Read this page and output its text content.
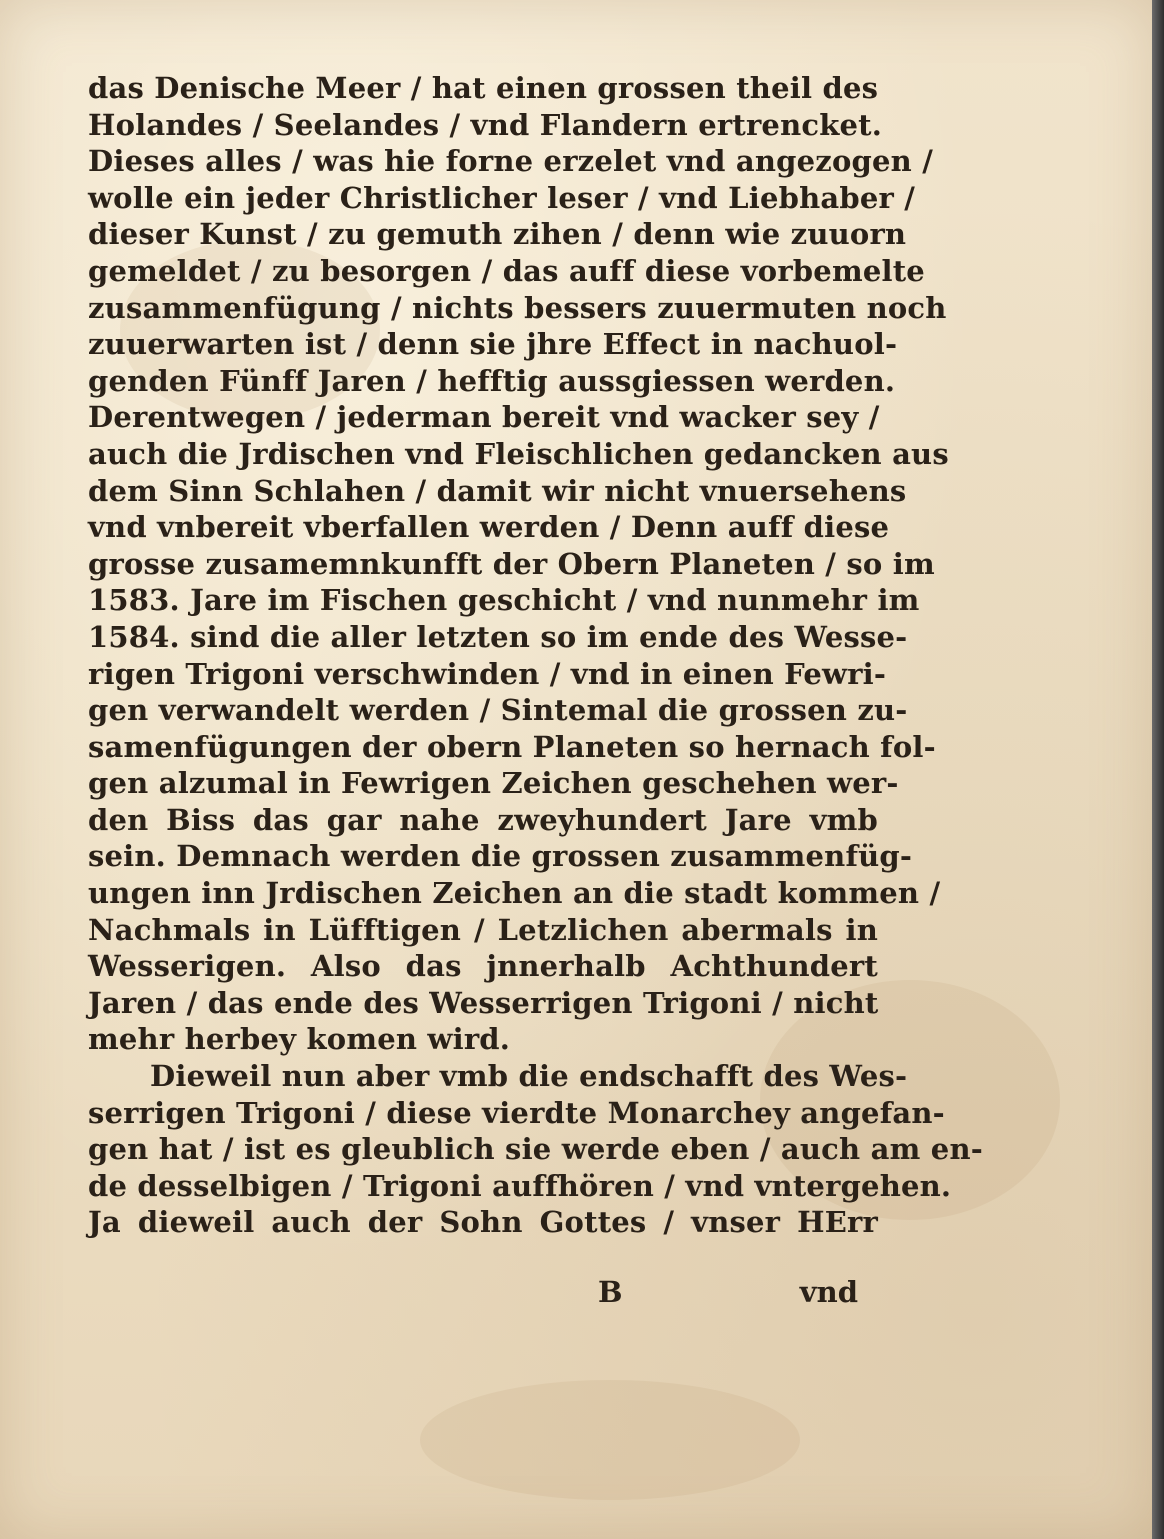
das Denische Meer / hat einen grossen theil des
Holandes / Seelandes / vnd Flandern ertrencket.
Dieses alles / was hie forne erzelet vnd angezogen /
wolle ein jeder Christlicher leser / vnd Liebhaber /
dieser Kunst / zu gemuth zihen / denn wie zuuorn
gemeldet / zu besorgen / das auff diese vorbemelte
zusammenfügung / nichts bessers zuuermuten noch
zuuerwarten ist / denn sie jhre Effect in nachuol-
genden Fünff Jaren / hefftig aussgiessen werden.
Derentwegen / jederman bereit vnd wacker sey /
auch die Jrdischen vnd Fleischlichen gedancken aus
dem Sinn Schlahen / damit wir nicht vnuersehens
vnd vnbereit vberfallen werden / Denn auff diese
grosse zusamemnkunfft der Obern Planeten / so im
1583. Jare im Fischen geschicht / vnd nunmehr im
1584. sind die aller letzten so im ende des Wesse-
rigen Trigoni verschwinden / vnd in einen Fewri-
gen verwandelt werden / Sintemal die grossen zu-
samenfügungen der obern Planeten so hernach fol-
gen alzumal in Fewrigen Zeichen geschehen wer-
den Biss das gar nahe zweyhundert Jare vmb
sein. Demnach werden die grossen zusammenfüg-
ungen inn Jrdischen Zeichen an die stadt kommen /
Nachmals in Lüfftigen / Letzlichen abermals in
Wesserigen. Also das jnnerhalb Achthundert
Jaren / das ende des Wesserrigen Trigoni / nicht
mehr herbey komen wird.
Dieweil nun aber vmb die endschafft des Wes-
serrigen Trigoni / diese vierdte Monarchey angefan-
gen hat / ist es gleublich sie werde eben / auch am en-
de desselbigen / Trigoni auffhören / vnd vntergehen.
Ja dieweil auch der Sohn Gottes / vnser HErr
B	vnd
